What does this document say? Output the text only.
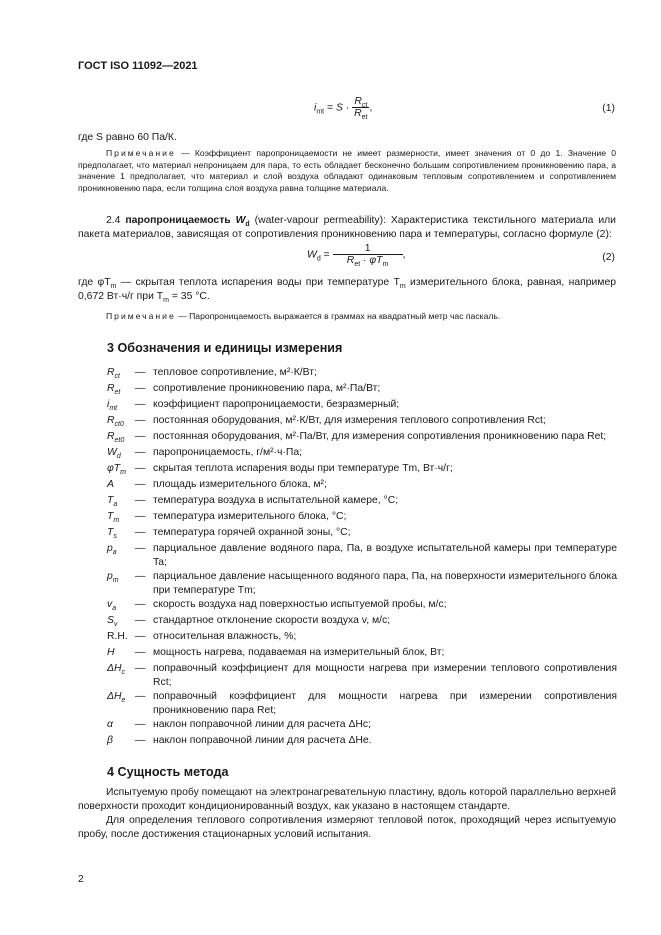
ГОСТ ISO 11092—2021
$i_{mt} = S \cdot \frac{R_{ct}}{R_{et}}$ ,	(1)
где S равно 60 Па/К.
Примечание — Коэффициент паропроницаемости не имеет размерности, имеет значения от 0 до 1. Значение 0 предполагает, что материал непроницаем для пара, то есть обладает бесконечно большим сопротивлением проникновению пара, а значение 1 предполагает, что материал и слой воздуха обладают одинаковым тепловым сопротивлением и сопротивлением проникновению пара, если толщина слоя воздуха равна толщине материала.
2.4 паропроницаемость $W_d$ (water-vapour permeability): Характеристика текстильного материала или пакета материалов, зависящая от сопротивления проникновению пара и температуры, согласно формуле (2):
$W_d = \frac{1}{R_{et} \cdot \varphi T_m}$ ,	(2)
где $\varphi T_m$ — скрытая теплота испарения воды при температуре $T_m$ измерительного блока, равная, например 0,672 Вт·ч/г при $T_m = 35$ °C.
Примечание — Паропроницаемость выражается в граммах на квадратный метр час паскаль.
3 Обозначения и единицы измерения
$R_{ct}$	— тепловое сопротивление, м²·К/Вт;
$R_{et}$	— сопротивление проникновению пара, м²·Па/Вт;
$i_{mt}$	— коэффициент паропроницаемости, безразмерный;
$R_{ct0}$	— постоянная оборудования, м²·К/Вт, для измерения теплового сопротивления Rct;
$R_{et0}$	— постоянная оборудования, м²·Па/Вт, для измерения сопротивления проникновению пара Ret;
$W_d$	— паропроницаемость, г/м²·ч·Па;
$\varphi T_m$ — скрытая теплота испарения воды при температуре Tm, Вт·ч/г;
A	— площадь измерительного блока, м²;
$T_a$	— температура воздуха в испытательной камере, °C;
$T_m$	— температура измерительного блока, °C;
$T_s$	— температура горячей охранной зоны, °C;
$p_a$	— парциальное давление водяного пара, Па, в воздухе испытательной камеры при температуре Ta;
$p_m$	— парциальное давление насыщенного водяного пара, Па, на поверхности измерительного блока при температуре Tm;
$v_a$	— скорость воздуха над поверхностью испытуемой пробы, м/с;
$S_v$	— стандартное отклонение скорости воздуха v, м/с;
R.H. — относительная влажность, %;
H	— мощность нагрева, подаваемая на измерительный блок, Вт;
$\Delta H_c$ — поправочный коэффициент для мощности нагрева при измерении теплового сопротивления Rct;
$\Delta H_e$ — поправочный коэффициент для мощности нагрева при измерении сопротивления проникновению пара Ret;
α	— наклон поправочной линии для расчета ΔHc;
β	— наклон поправочной линии для расчета ΔHe.
4 Сущность метода
Испытуемую пробу помещают на электронагревательную пластину, вдоль которой параллельно верхней поверхности проходит кондиционированный воздух, как указано в настоящем стандарте.
Для определения теплового сопротивления измеряют тепловой поток, проходящий через испытуемую пробу, после достижения стационарных условий испытания.
2
